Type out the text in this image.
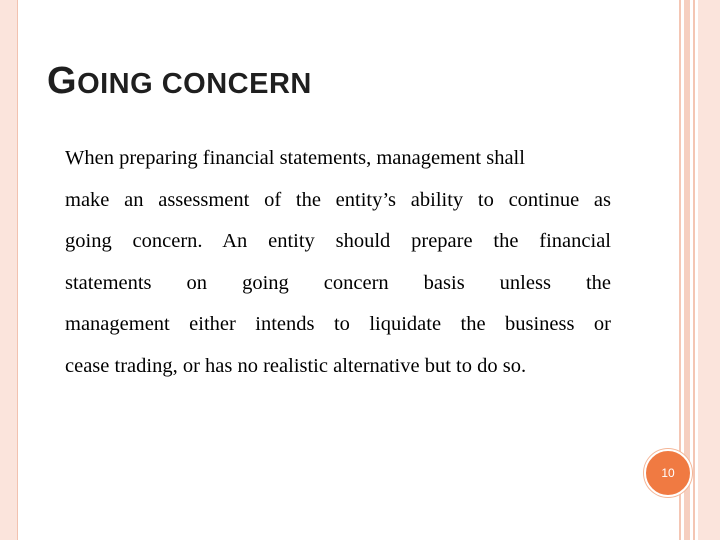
GOING CONCERN
When preparing financial statements, management shall
make an assessment of the entity’s ability to continue as
going concern. An entity should prepare the financial
statements on going concern basis unless the
management either intends to liquidate the business or
cease trading, or has no realistic alternative but to do so.
10
